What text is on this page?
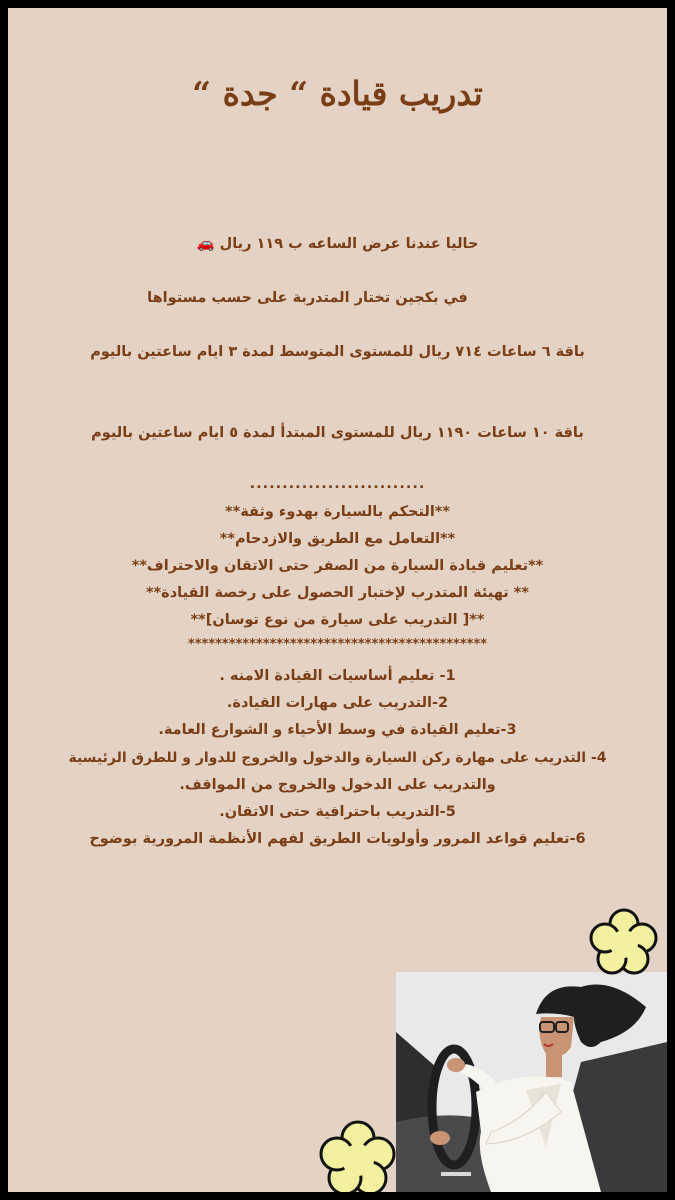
تدريب قيادة “ جدة “
حاليا عندنا عرض الساعه ب ١١٩ ريال 🚗
في بكجين تختار المتدربة على حسب مستواها
باقة ٦ ساعات ٧١٤ ريال للمستوى المتوسط لمدة ٣ ايام ساعتين باليوم
باقة ١٠ ساعات ١١٩٠ ريال للمستوى المبتدأ لمدة ٥ ايام ساعتين باليوم
...........................
**التحكم بالسيارة بهدوء وثقة**
**التعامل مع الطريق والازدحام**
**تعليم قيادة السيارة من الصفر حتى الاتقان والاحتراف**
** تهيئة المتدرب لإختبار الحصول على رخصة القيادة**
**[ التدريب على سيارة من نوع توسان]**
********************************************
1- تعليم أساسيات القيادة الامنه .
2-التدريب على مهارات القيادة.
3-تعليم القيادة في وسط الأحياء و الشوارع العامة.
4- التدريب على مهارة ركن السيارة والدخول والخروج للدوار و للطرق الرئيسية
والتدريب على الدخول والخروج من المواقف.
5-التدريب باحترافية حتى الاتقان.
6-تعليم قواعد المرور وأولويات الطريق لفهم الأنظمة المرورية بوضوح
